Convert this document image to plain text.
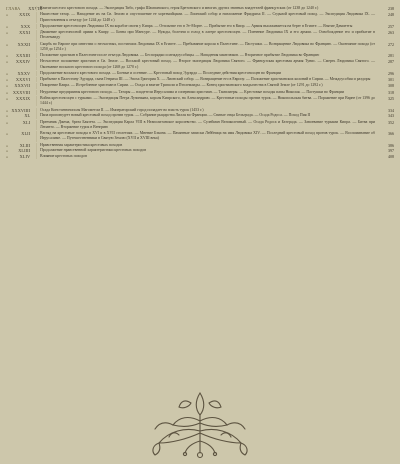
ГЛАВА XXVIII
Взятие шестого крестового похода. — Экспедиция Тибо, графа Шампанского, героя Бретонского и многих других знатных владетелей французских (от 1238 до 1240 г.)	238
»	XXIX	Нашествие татар. — Нападение их на Св. Землю и опустошение ее хорезмийцами. — Лионский собор и низложение Фридриха II. — Седьмой крестовый поход. — Экспедиция Людовика IX. — Приготовления к отъезду (от 1244 до 1248 г.)
248
»	XXX	Продолжение крестоносцев Людовика IX на корабле своем у Кипра. — Отплытие его в Эг-Морте. — Прибытие его в Кипр. — Армия высаживается на берег в Египте. — Взятие Дамиетты	257
»	XXXI	Движение крестоносной армии к Каиру. — Битва при Мансуре. — Нужды, болезни и голод в лагере крестоносцев. — Пленение Людовика IX и его армии. — Освобождение его и прибытие в Птолемаиду
263
» XXXII	Скорбь во Европе при известии о несчастиях, постигших Людовика IX в Египте. — Пребывание короля в Палестине. — Пастушки. — Возвращение Людовика во Францию. — Окончание похода (от 1250 до 1254 г.)
272
» XXXIII	Положение христиан в Палестине после отъезда Людовика. — Беспорядки и междоусобицы. — Нападения мамелюков. — Вторичное прибытие Людовика во Францию	281
» XXXIV	Несчастное положение христиан в Св. Земле. — Восьмой крестовый поход. — Второе экспедиция Людовика Святого. — Французская крестовая армия Тунис. — Смерть Людовика Святого. — Окончание восьмого крестового похода (от 1268 до 1270 г.)
287
» XXXV	Продолжение восьмого крестового похода. — Боевые и осенние. — Крестовый поход Эдуарда — Последние действия крестоносцев во Франции	296
» XXXVI	Прибытие в Палестину Эдуарда, сына Генриха III. — Эпоха Григория X. — Лионский собор. — Возвращение его в Европу. — Положение христианских колоний в Сирии. — Междоусобия и раздоры	301
» XXXVII	Покорение Каира. — Истребление христиан в Сирии. — Осада и взятие Триполи и Птолемаиды. — Конец христианского владычества в Святой Земле (от 1291 до 1292 г.)	308
» XXXVIII	Неудачные предприятия крестового похода. — Татары — владетели Иерусалима и соперники христиан. — Тамплиеры. — Крестовые походы папы Николая. — Пастушки во Франции	318
» XXXIX	Война крестоносцев с турками. — Экспедиция Петра Лузиньяна, короля Кипрского, на Александрию. — Крестовые походы против турок. — Никопольская битва. — Поражение при Варне (от 1396 до 1444 г.)
325
» XXXVIIII	Осада Константинополя Магометом II. — Императорский город попадает во власть турок (1453 г.)	334
»	XL	Папа проповедует новый крестовый поход против турок. — Собрание рыцарства Лилля во Франции. — Святые отцы Бельграда. — Осада Родоса. — Поход Пия II	343
»	XLI	Преемник Джема, брата Баязета. — Экспедиция Карла VIII в Неаполитанское королевство. — Сулейман Великолепный. — Осада Родоса и Белграда. — Завоевание турками Кипра. — Битва при Лепанто. — Вторжение турок в Венгрию
352
»	XLII	Взгляд на крестовые походы в XVI и в XVII столетиях. — Мнение Бэкона. — Памятные записки Лейбница на имя Людовика XIV. — Последний крестовый поход против турок. — Воспоминание об Иерусалиме. — Путешественники в Святую Землю (XVII и XVIII века)
366
»	XLIII	Нравственная характеристика крестовых походов	386
» XLIIII	Продолжение нравственной характеристики крестовых походов	397
»	XLIV	Влияние крестовых походов	408
